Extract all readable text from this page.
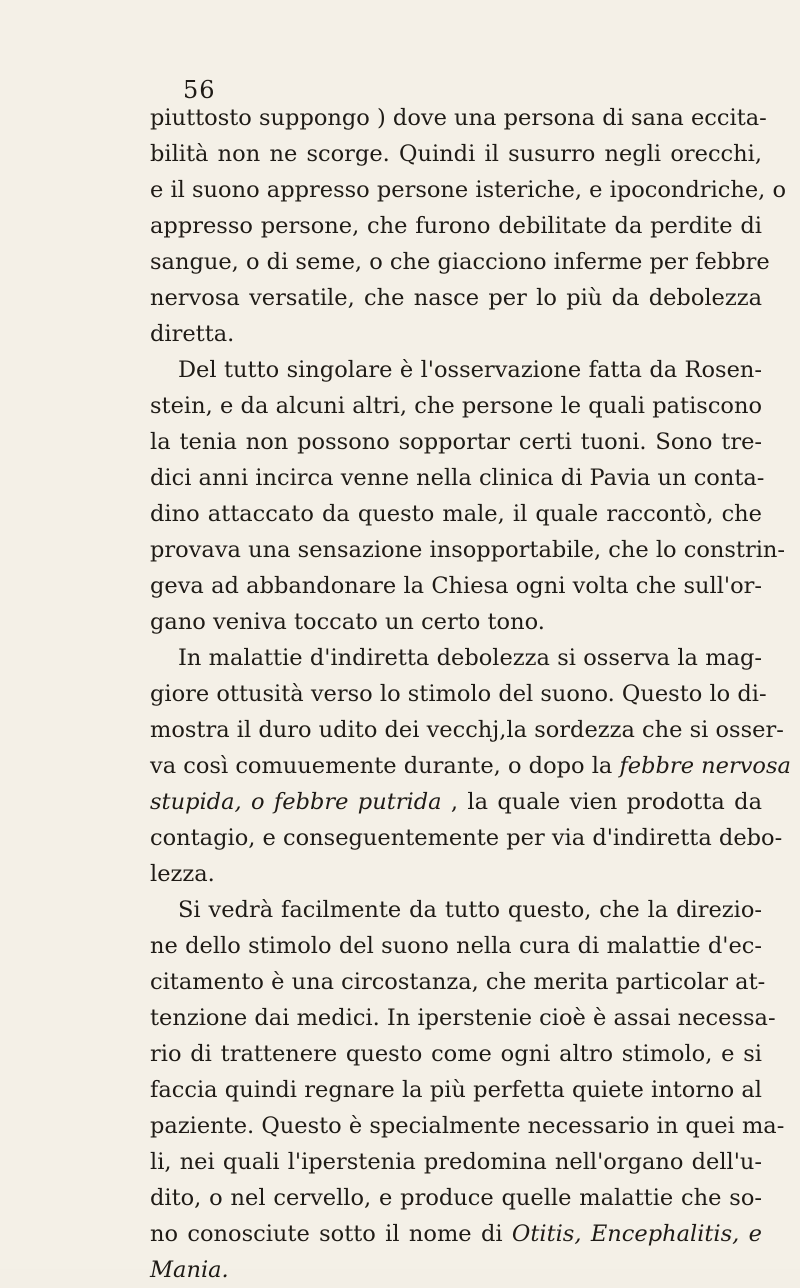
56
piuttosto suppongo ) dove una persona di sana eccita-
bilità non ne scorge. Quindi il susurro negli orecchi,
e il suono appresso persone isteriche, e ipocondriche, o
appresso persone, che furono debilitate da perdite di
sangue, o di seme, o che giacciono inferme per febbre
nervosa versatile, che nasce per lo più da debolezza
diretta.
Del tutto singolare è l'osservazione fatta da Rosen-
stein, e da alcuni altri, che persone le quali patiscono
la tenia non possono sopportar certi tuoni. Sono tre-
dici anni incirca venne nella clinica di Pavia un conta-
dino attaccato da questo male, il quale raccontò, che
provava una sensazione insopportabile, che lo constrin-
geva ad abbandonare la Chiesa ogni volta che sull'or-
gano veniva toccato un certo tono.
In malattie d'indiretta debolezza si osserva la mag-
giore ottusità verso lo stimolo del suono. Questo lo di-
mostra il duro udito dei vecchj,la sordezza che si osser-
va così comuuemente durante, o dopo la febbre nervosa
stupida, o febbre putrida , la quale vien prodotta da
contagio, e conseguentemente per via d'indiretta debo-
lezza.
Si vedrà facilmente da tutto questo, che la direzio-
ne dello stimolo del suono nella cura di malattie d'ec-
citamento è una circostanza, che merita particolar at-
tenzione dai medici. In iperstenie cioè è assai necessa-
rio di trattenere questo come ogni altro stimolo, e si
faccia quindi regnare la più perfetta quiete intorno al
paziente. Questo è specialmente necessario in quei ma-
li, nei quali l'iperstenia predomina nell'organo dell'u-
dito, o nel cervello, e produce quelle malattie che so-
no conosciute sotto il nome di Otitis, Encephalitis, e
Mania.
